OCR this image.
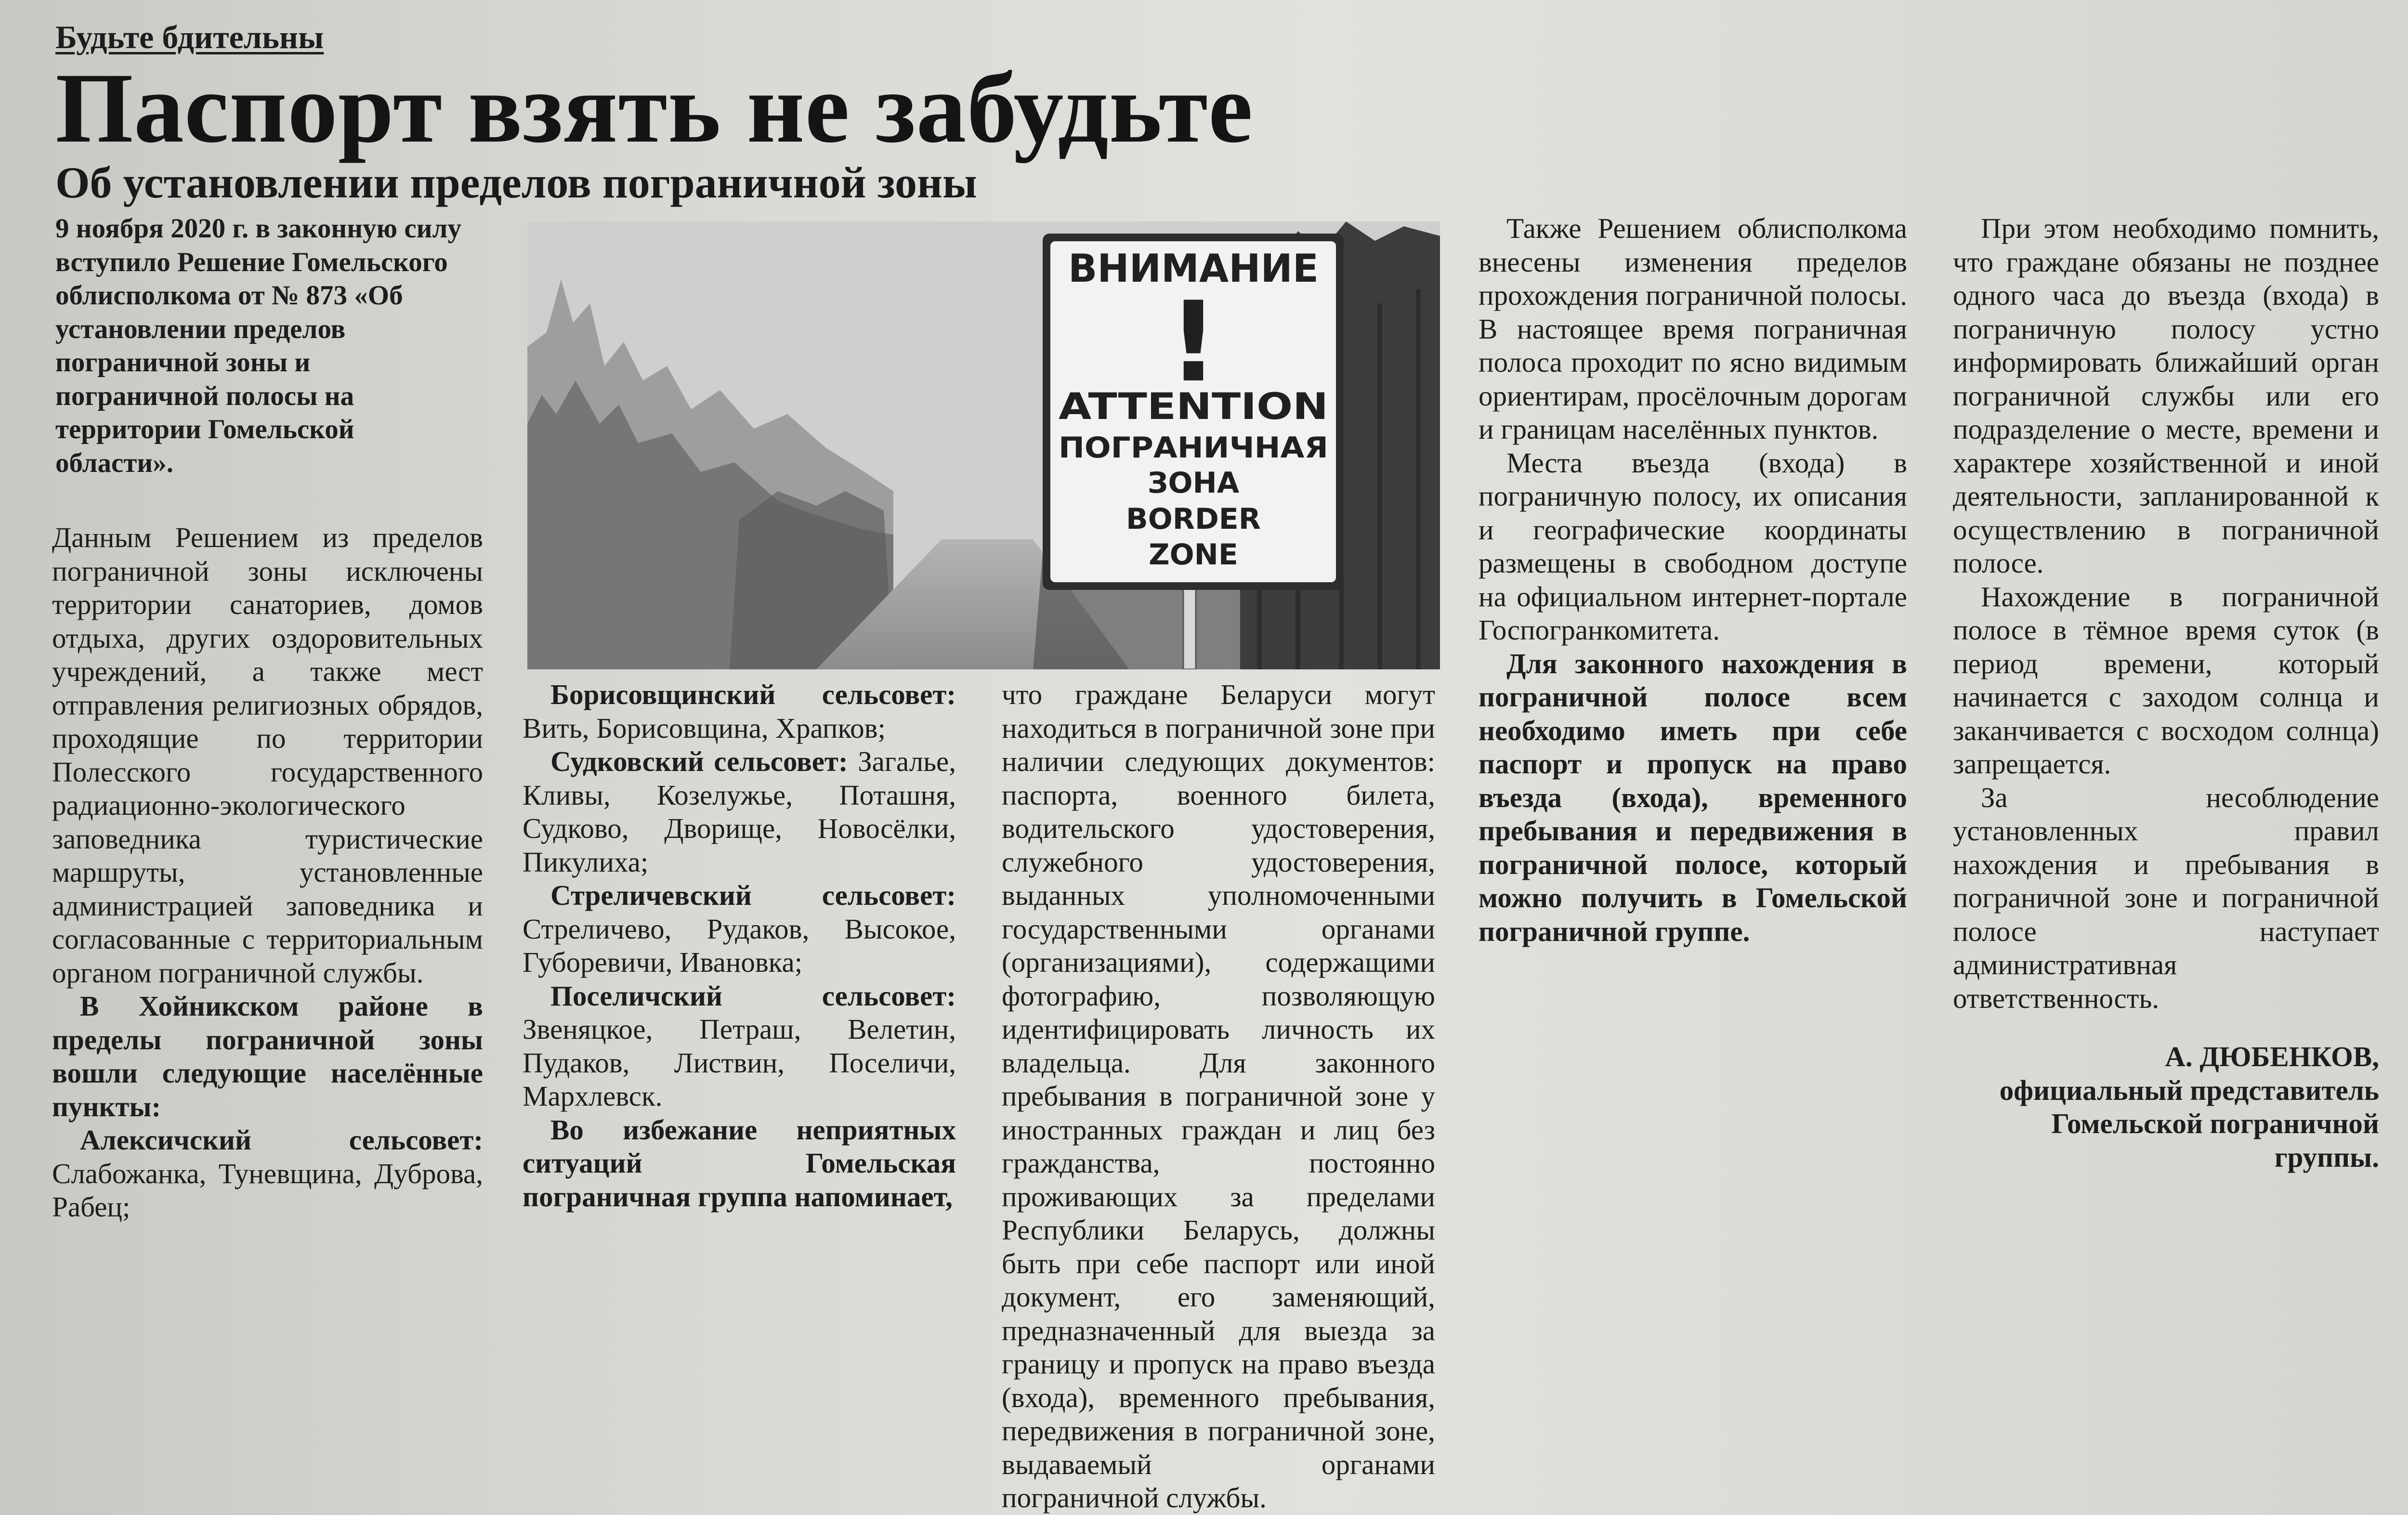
Будьте бдительны
Паспорт взять не забудьте
Об установлении пределов пограничной зоны
9 ноября 2020 г. в законную силу вступило Решение Гомельского облисполкома от № 873 «Об установлении пределов пограничной зоны и пограничной полосы на территории Гомельской области».

Данным Решением из пределов пограничной зоны исключены территории санаториев, домов отдыха, других оздоровительных учреждений, а также мест отправления религиозных обрядов, проходящие по территории Полесского государственного радиационно-экологического заповедника туристические маршруты, установленные администрацией заповедника и согласованные с территориальным органом пограничной службы.

В Хойникском районе в пределы пограничной зоны вошли следующие населённые пункты:

Алексичский сельсовет: Слабожанка, Туневщина, Дуброва, Рабец;

ВНИМАНИЕ
!
ATTENTION
ПОГРАНИЧНАЯ
ЗОНА
BORDER
ZONE

Борисовщинский сельсовет: Вить, Борисовщина, Храпков;

Судковский сельсовет: Загалье, Кливы, Козелужье, Поташня, Судково, Дворище, Новосёлки, Пикулиха;

Стреличевский сельсовет: Стреличево, Рудаков, Высокое, Губоревичи, Ивановка;

Поселичский сельсовет: Звеняцкое, Петраш, Велетин, Пудаков, Листвин, Поселичи, Мархлевск.

Во избежание неприятных ситуаций Гомельская пограничная группа напоминает,

что граждане Беларуси могут находиться в пограничной зоне при наличии следующих документов: паспорта, военного билета, водительского удостоверения, служебного удостоверения, выданных уполномоченными государственными органами (организациями), содержащими фотографию, позволяющую идентифицировать личность их владельца. Для законного пребывания в пограничной зоне у иностранных граждан и лиц без гражданства, постоянно проживающих за пределами Республики Беларусь, должны быть при себе паспорт или иной документ, его заменяющий, предназначенный для выезда за границу и пропуск на право въезда (входа), временного пребывания, передвижения в пограничной зоне, выдаваемый органами пограничной службы.

Также Решением облисполкома внесены изменения пределов прохождения пограничной полосы. В настоящее время пограничная полоса проходит по ясно видимым ориентирам, просёлочным дорогам и границам населённых пунктов.

Места въезда (входа) в пограничную полосу, их описания и географические координаты размещены в свободном доступе на официальном интернет-портале Госпогранкомитета.

Для законного нахождения в пограничной полосе всем необходимо иметь при себе паспорт и пропуск на право въезда (входа), временного пребывания и передвижения в пограничной полосе, который можно получить в Гомельской пограничной группе.

При этом необходимо помнить, что граждане обязаны не позднее одного часа до въезда (входа) в пограничную полосу устно информировать ближайший орган пограничной службы или его подразделение о месте, времени и характере хозяйственной и иной деятельности, запланированной к осуществлению в пограничной полосе.

Нахождение в пограничной полосе в тёмное время суток (в период времени, который начинается с заходом солнца и заканчивается с восходом солнца) запрещается.

За несоблюдение установленных правил нахождения и пребывания в пограничной зоне и пограничной полосе наступает административная ответственность.

А. ДЮБЕНКОВ,

официальный представитель Гомельской пограничной группы.
